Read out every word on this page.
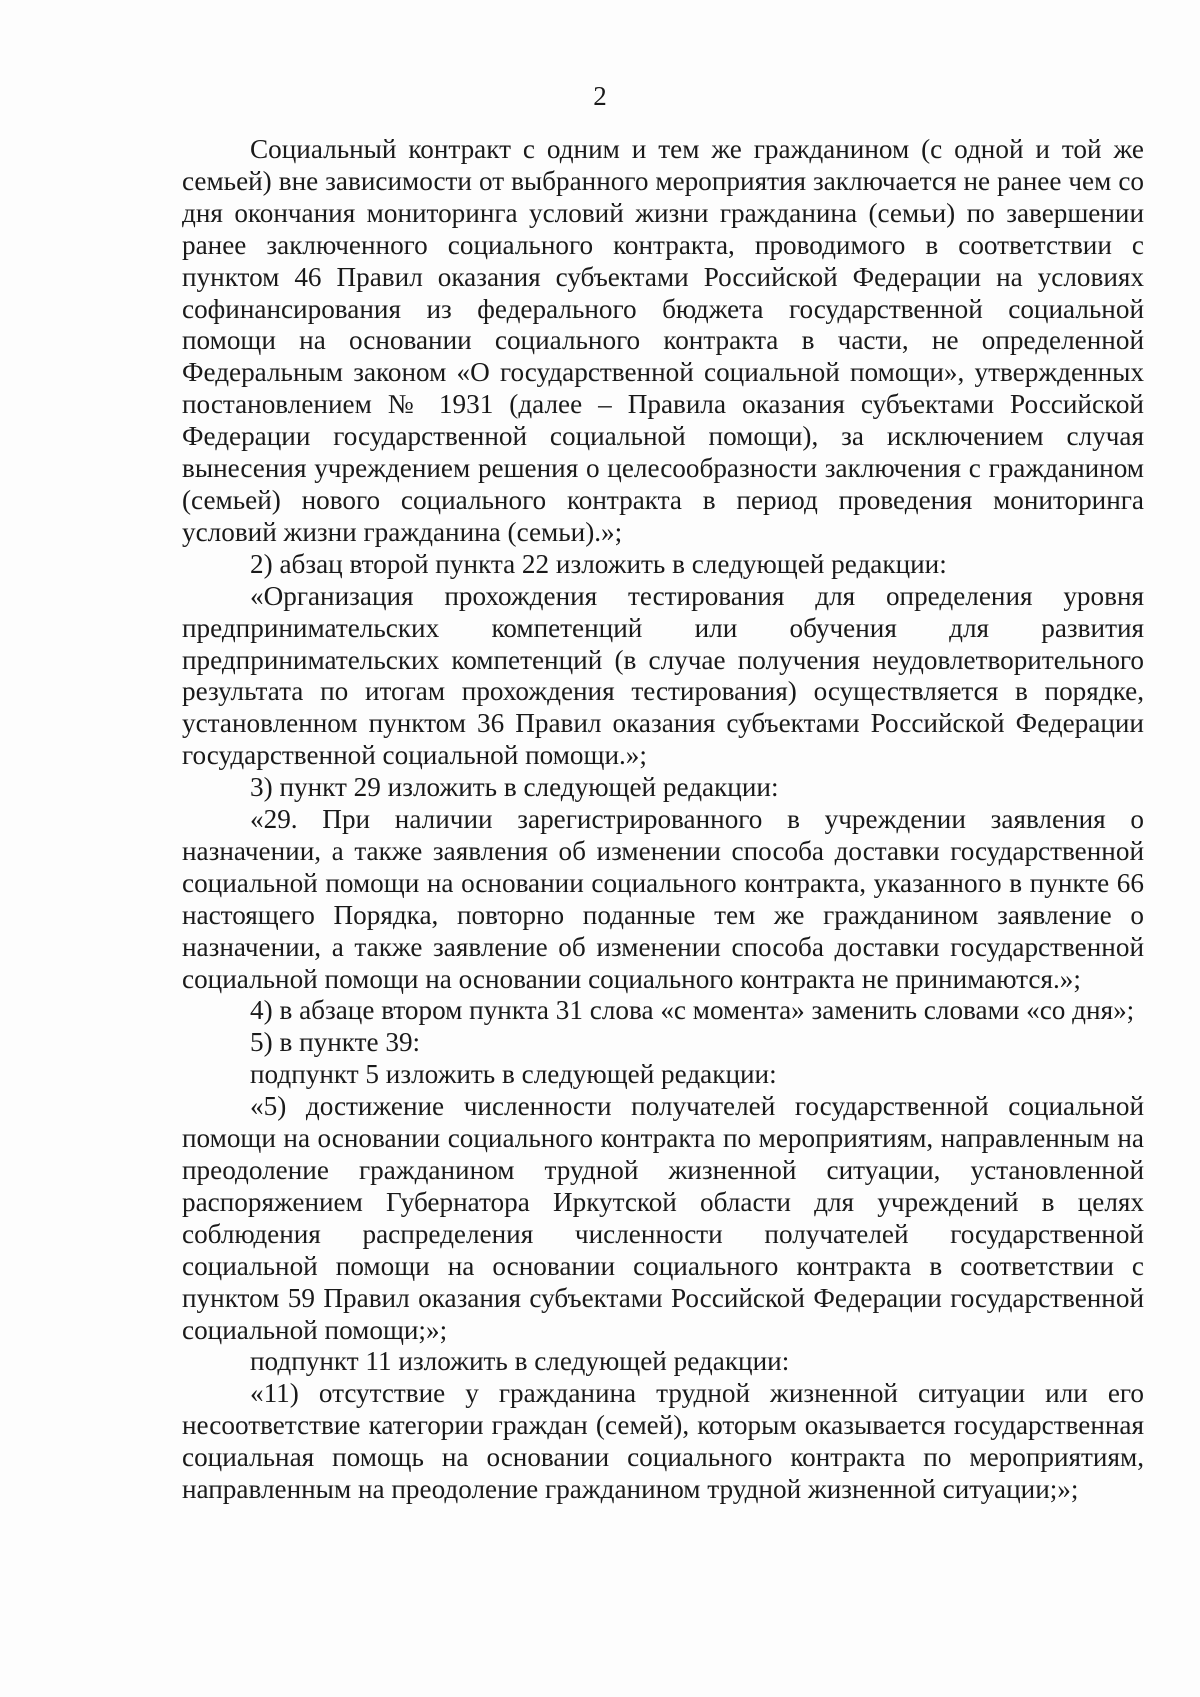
2

Социальный контракт с одним и тем же гражданином (с одной и той же семьей) вне зависимости от выбранного мероприятия заключается не ранее чем со дня окончания мониторинга условий жизни гражданина (семьи) по завершении ранее заключенного социального контракта, проводимого в соответствии с пунктом 46 Правил оказания субъектами Российской Федерации на условиях софинансирования из федерального бюджета государственной социальной помощи на основании социального контракта в части, не определенной Федеральным законом «О государственной социальной помощи», утвержденных постановлением № 1931 (далее – Правила оказания субъектами Российской Федерации государственной социальной помощи), за исключением случая вынесения учреждением решения о целесообразности заключения с гражданином (семьей) нового социального контракта в период проведения мониторинга условий жизни гражданина (семьи).»;

2) абзац второй пункта 22 изложить в следующей редакции:

«Организация прохождения тестирования для определения уровня предпринимательских компетенций или обучения для развития предпринимательских компетенций (в случае получения неудовлетворительного результата по итогам прохождения тестирования) осуществляется в порядке, установленном пунктом 36 Правил оказания субъектами Российской Федерации государственной социальной помощи.»;

3) пункт 29 изложить в следующей редакции:

«29. При наличии зарегистрированного в учреждении заявления о назначении, а также заявления об изменении способа доставки государственной социальной помощи на основании социального контракта, указанного в пункте 66 настоящего Порядка, повторно поданные тем же гражданином заявление о назначении, а также заявление об изменении способа доставки государственной социальной помощи на основании социального контракта не принимаются.»;

4) в абзаце втором пункта 31 слова «с момента» заменить словами «со дня»;

5) в пункте 39:

подпункт 5 изложить в следующей редакции:

«5) достижение численности получателей государственной социальной помощи на основании социального контракта по мероприятиям, направленным на преодоление гражданином трудной жизненной ситуации, установленной распоряжением Губернатора Иркутской области для учреждений в целях соблюдения распределения численности получателей государственной социальной помощи на основании социального контракта в соответствии с пунктом 59 Правил оказания субъектами Российской Федерации государственной социальной помощи;»;

подпункт 11 изложить в следующей редакции:

«11) отсутствие у гражданина трудной жизненной ситуации или его несоответствие категории граждан (семей), которым оказывается государственная социальная помощь на основании социального контракта по мероприятиям, направленным на преодоление гражданином трудной жизненной ситуации;»;
